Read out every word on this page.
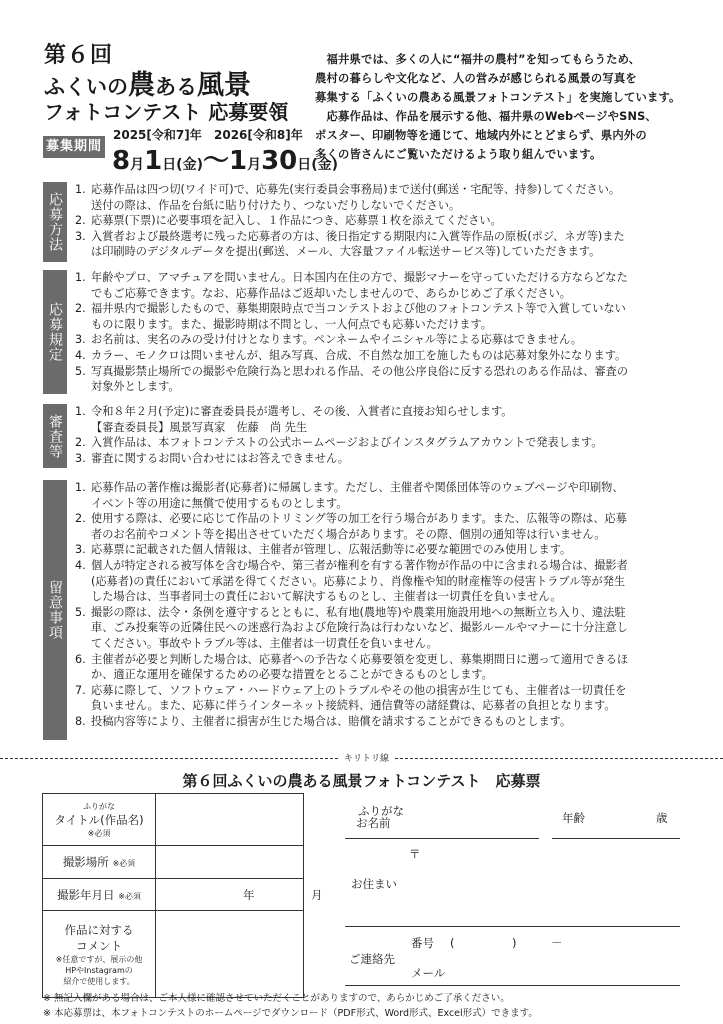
第６回
ふくいの農ある風景
フォトコンテスト 応募要領
募集期間
2025[令和7]年 2026[令和8]年
8月1日(金)〜1月30日(金)

　福井県では、多くの人に“福井の農村”を知ってもらうため、

農村の暮らしや文化など、人の営みが感じられる風景の写真を

募集する「ふくいの農ある風景フォトコンテスト」を実施しています。

　応募作品は、作品を展示する他、福井県のWebページやSNS、

ポスター、印刷物等を通じて、地域内外にとどまらず、県内外の

多くの皆さんにご覧いただけるよう取り組んでいます。

応募方法
1. 応募作品は四つ切(ワイド可)で、応募先(実行委員会事務局)まで送付(郵送・宅配等、持参)してください。
送付の際は、作品を台紙に貼り付けたり、つないだりしないでください。
2. 応募票(下票)に必要事項を記入し、１作品につき、応募票１枚を添えてください。
3. 入賞者および最終選考に残った応募者の方は、後日指定する期限内に入賞等作品の原板(ポジ、ネガ等)また
は印刷時のデジタルデータを提出(郵送、メール、大容量ファイル転送サービス等)していただきます。
応募規定
1. 年齢やプロ、アマチュアを問いません。日本国内在住の方で、撮影マナーを守っていただける方ならどなた
でもご応募できます。なお、応募作品はご返却いたしませんので、あらかじめご了承ください。
2. 福井県内で撮影したもので、募集期限時点で当コンテストおよび他のフォトコンテスト等で入賞していない
ものに限ります。また、撮影時期は不問とし、一人何点でも応募いただけます。
3. お名前は、実名のみの受け付けとなります。ペンネームやイニシャル等による応募はできません。
4. カラー、モノクロは問いませんが、組み写真、合成、不自然な加工を施したものは応募対象外になります。
5. 写真撮影禁止場所での撮影や危険行為と思われる作品、その他公序良俗に反する恐れのある作品は、審査の
対象外とします。
審査等
1. 令和８年２月(予定)に審査委員長が選考し、その後、入賞者に直接お知らせします。
【審査委員長】風景写真家　佐藤　尚 先生
2. 入賞作品は、本フォトコンテストの公式ホームページおよびインスタグラムアカウントで発表します。
3. 審査に関するお問い合わせにはお答えできません。
留意事項
1. 応募作品の著作権は撮影者(応募者)に帰属します。ただし、主催者や関係団体等のウェブページや印刷物、
イベント等の用途に無償で使用するものとします。
2. 使用する際は、必要に応じて作品のトリミング等の加工を行う場合があります。また、広報等の際は、応募
者のお名前やコメント等を掲出させていただく場合があります。その際、個別の通知等は行いません。
3. 応募票に記載された個人情報は、主催者が管理し、広報活動等に必要な範囲でのみ使用します。
4. 個人が特定される被写体を含む場合や、第三者が権利を有する著作物が作品の中に含まれる場合は、撮影者
(応募者)の責任において承諾を得てください。応募により、肖像権や知的財産権等の侵害トラブル等が発生
した場合は、当事者同士の責任において解決するものとし、主催者は一切責任を負いません。
5. 撮影の際は、法令・条例を遵守するとともに、私有地(農地等)や農業用施設用地への無断立ち入り、違法駐
車、ごみ投棄等の近隣住民への迷惑行為および危険行為は行わないなど、撮影ルールやマナーに十分注意し
てください。事故やトラブル等は、主催者は一切責任を負いません。
6. 主催者が必要と判断した場合は、応募者への予告なく応募要領を変更し、募集期間日に遡って適用できるほ
か、適正な運用を確保するための必要な措置をとることができるものとします。
7. 応募に際して、ソフトウェア・ハードウェア上のトラブルやその他の損害が生じても、主催者は一切責任を
負いません。また、応募に伴うインターネット接続料、通信費等の諸経費は、応募者の負担となります。
8. 投稿内容等により、主催者に損害が生じた場合は、賠償を請求することができるものとします。
キリトリ線
第６回ふくいの農ある風景フォトコンテスト　応募票
ふりがな
タイトル(作品名)
※必須	

撮影場所 ※必須	
撮影年月日 ※必須	年 月

作品に対する
コメント
※任意ですが、展示の他
HPやInstagramの
紹介で使用します。	

ふりがな
お名前	年齢	歳
〒
お住まい
番号 (　　　　　)　　　－
ご連絡先
メール
※ 無記入欄がある場合は、ご本人様に確認させていただくことがありますので、あらかじめご了承ください。
※ 本応募票は、本フォトコンテストのホームページでダウンロード（PDF形式、Word形式、Excel形式）できます。
